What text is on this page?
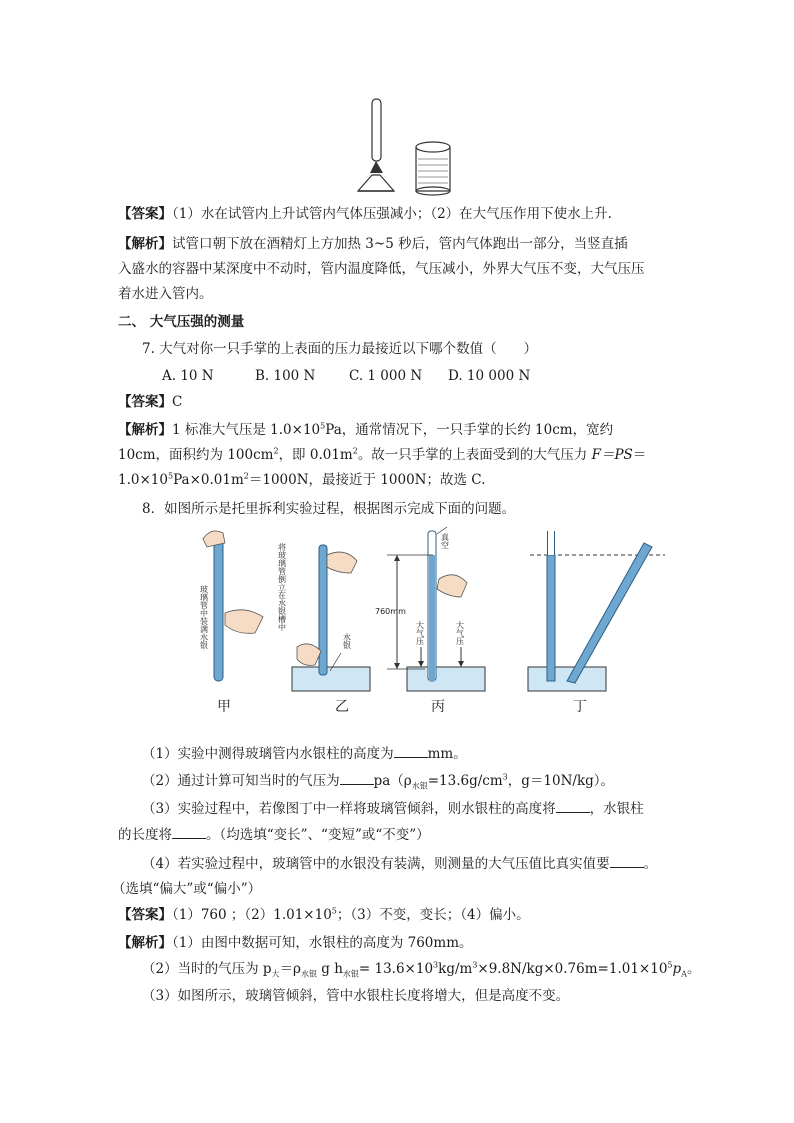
【答案】（1）水在试管内上升试管内气体压强减小；（2）在大气压作用下使水上升.
【解析】试管口朝下放在酒精灯上方加热 3~5 秒后，管内气体跑出一部分，当竖直插
入盛水的容器中某深度中不动时，管内温度降低，气压减小，外界大气压不变，大气压压
着水进入管内。
二、 大气压强的测量
7. 大气对你一只手掌的上表面的压力最接近以下哪个数值（　　）
A. 10 N	B. 100 N C. 1 000 N D. 10 000 N
【答案】C
【解析】1 标准大气压是 $1.0\times 10^5Pa$，通常情况下，一只手掌的长约 10cm，宽约
10cm，面积约为 $100cm^2$，即 $0.01m^2$。故一只手掌的上表面受到的大气压力 F＝PS＝
$1.0\times 10^5Pa\times 0.01m^2=1000N$，最接近于 1000N；故选 C.
8．如图所示是托里拆利实验过程，根据图示完成下面的问题。
玻璃管中装满水银	将玻璃管倒立在水银槽中
水银
真空
760mm
大气压	大气压
甲	乙	丙	丁
（1）实验中测得玻璃管内水银柱的高度为	mm。
（2）通过计算可知当时的气压为	$pa(\rho_{水银}=13.6g/cm^3$，g＝10N/kg）。
（3）实验过程中，若像图丁中一样将玻璃管倾斜，则水银柱的高度将	，水银柱
的长度将	。（均选填“变长”、“变短”或“不变”）
（4）若实验过程中，玻璃管中的水银没有装满，则测量的大气压值比真实值要	。
（选填“偏大”或“偏小”）
【答案】（1）760 ；$(2)1.01\times 10^5$；（3）不变，变长；（4）偏小。
【解析】（1）由图中数据可知，水银柱的高度为 760mm。
（2）当时的气压为 $p_大=\rho_{水银}$ g $h_{水银}= 13.6\times 10^3kg/m^3\times 9.8N/kg\times 0.76m=1.01\times 10^5p_A$。
（3）如图所示，玻璃管倾斜，管中水银柱长度将增大，但是高度不变。
